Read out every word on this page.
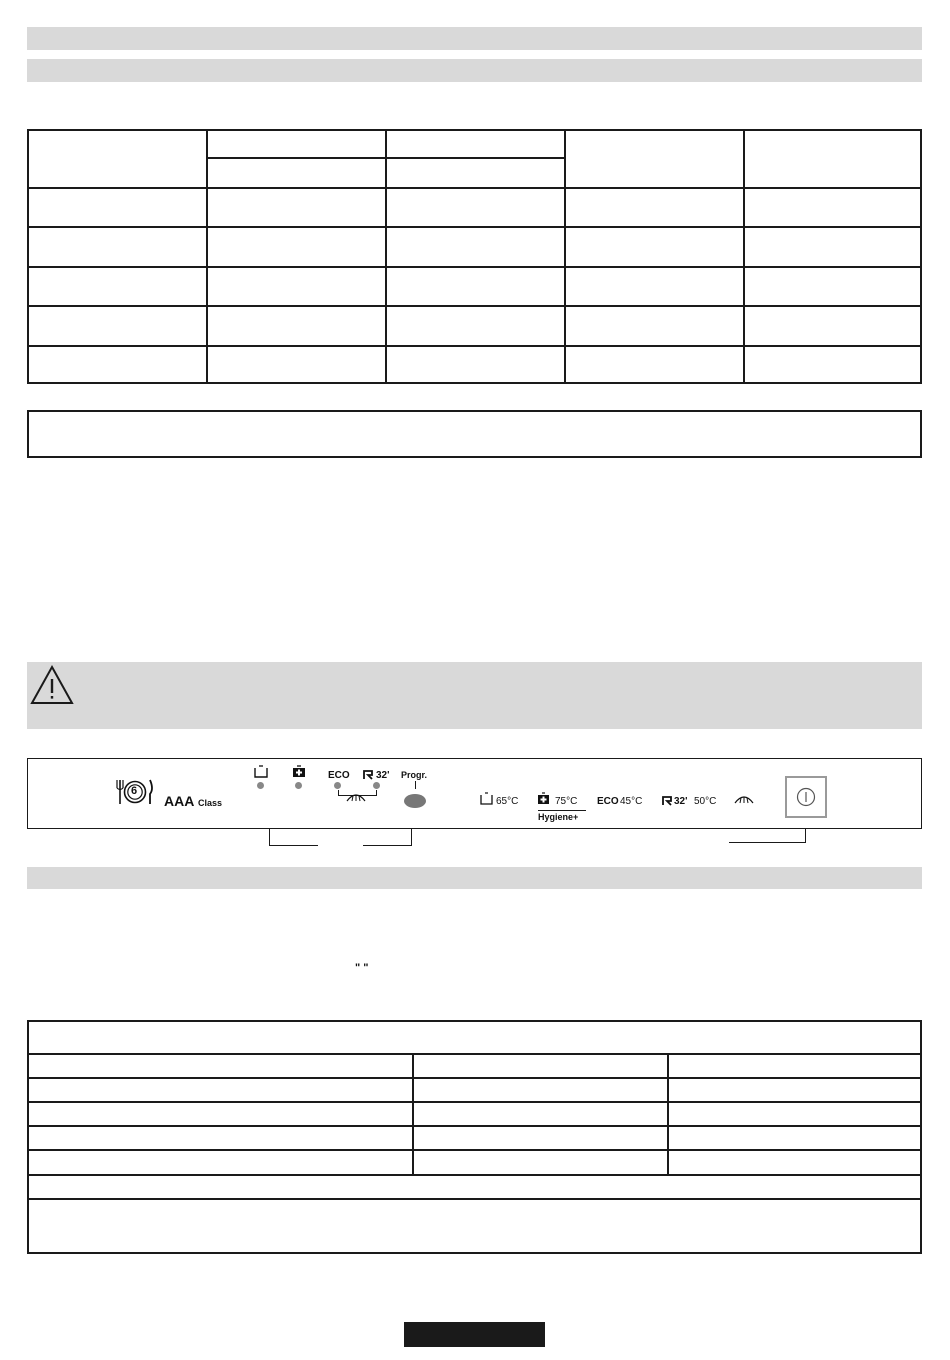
6
AAA Class
ECO	32' Progr.
65°C	75°C
Hygiene+
ECO 45°C	32' 50°C
" "
